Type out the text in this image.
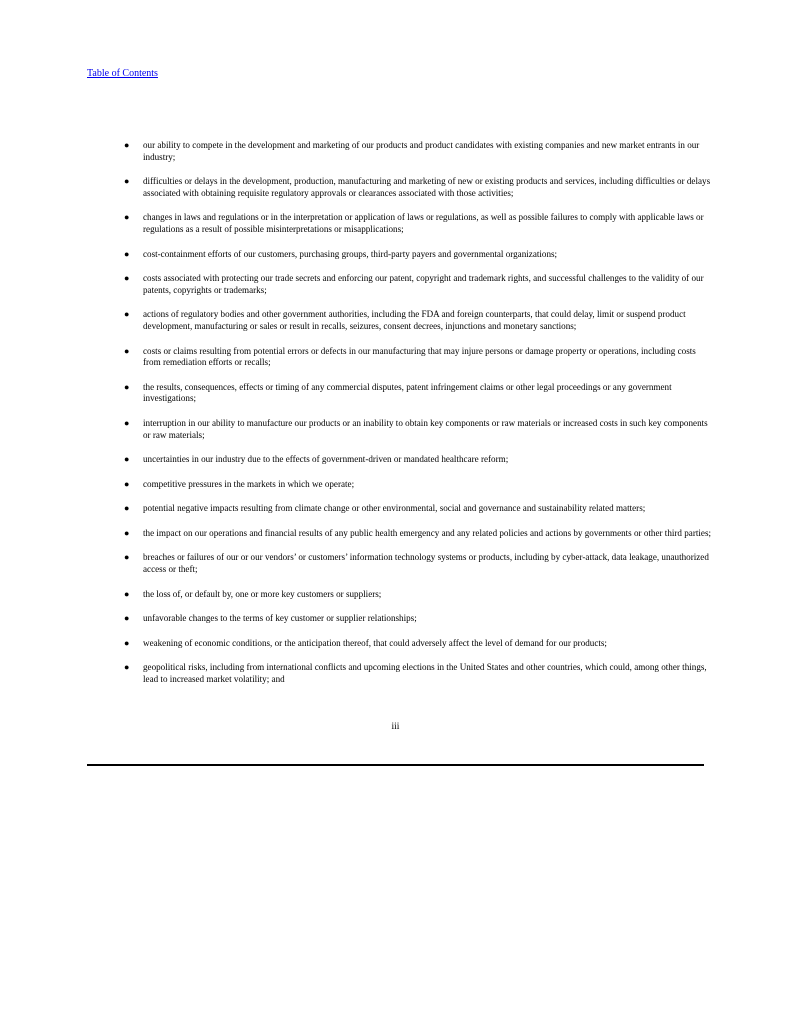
Table of Contents
● our ability to compete in the development and marketing of our products and product candidates with existing companies and new market entrants in our industry;
● difficulties or delays in the development, production, manufacturing and marketing of new or existing products and services, including difficulties or delays associated with obtaining requisite regulatory approvals or clearances associated with those activities;
● changes in laws and regulations or in the interpretation or application of laws or regulations, as well as possible failures to comply with applicable laws or regulations as a result of possible misinterpretations or misapplications;
● cost-containment efforts of our customers, purchasing groups, third-party payers and governmental organizations;
● costs associated with protecting our trade secrets and enforcing our patent, copyright and trademark rights, and successful challenges to the validity of our patents, copyrights or trademarks;
● actions of regulatory bodies and other government authorities, including the FDA and foreign counterparts, that could delay, limit or suspend product development, manufacturing or sales or result in recalls, seizures, consent decrees, injunctions and monetary sanctions;
● costs or claims resulting from potential errors or defects in our manufacturing that may injure persons or damage property or operations, including costs from remediation efforts or recalls;
● the results, consequences, effects or timing of any commercial disputes, patent infringement claims or other legal proceedings or any government investigations;
● interruption in our ability to manufacture our products or an inability to obtain key components or raw materials or increased costs in such key components or raw materials;
● uncertainties in our industry due to the effects of government-driven or mandated healthcare reform;
● competitive pressures in the markets in which we operate;
● potential negative impacts resulting from climate change or other environmental, social and governance and sustainability related matters;
● the impact on our operations and financial results of any public health emergency and any related policies and actions by governments or other third parties;
● breaches or failures of our or our vendors’ or customers’ information technology systems or products, including by cyber-attack, data leakage, unauthorized access or theft;
● the loss of, or default by, one or more key customers or suppliers;
● unfavorable changes to the terms of key customer or supplier relationships;
● weakening of economic conditions, or the anticipation thereof, that could adversely affect the level of demand for our products;
● geopolitical risks, including from international conflicts and upcoming elections in the United States and other countries, which could, among other things, lead to increased market volatility; and
iii
